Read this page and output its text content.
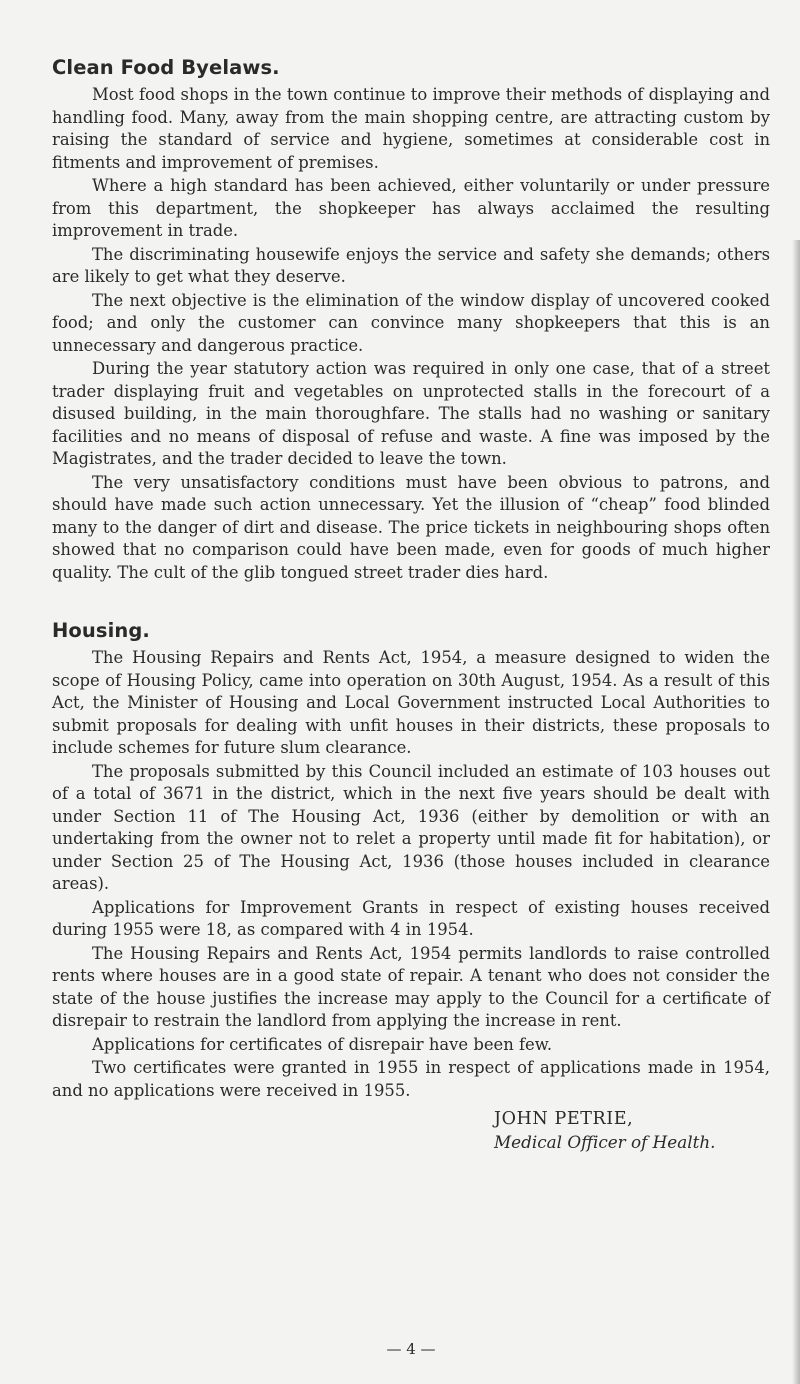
Clean Food Byelaws.

Most food shops in the town continue to improve their methods of displaying and handling food. Many, away from the main shopping centre, are attracting custom by raising the standard of service and hygiene, sometimes at considerable cost in fitments and improvement of premises.

Where a high standard has been achieved, either voluntarily or under pressure from this department, the shopkeeper has always acclaimed the resulting improvement in trade.

The discriminating housewife enjoys the service and safety she demands; others are likely to get what they deserve.

The next objective is the elimination of the window display of uncovered cooked food; and only the customer can convince many shopkeepers that this is an unnecessary and dangerous practice.

During the year statutory action was required in only one case, that of a street trader displaying fruit and vegetables on unprotected stalls in the forecourt of a disused building, in the main thoroughfare. The stalls had no washing or sanitary facilities and no means of disposal of refuse and waste. A fine was imposed by the Magistrates, and the trader decided to leave the town.

The very unsatisfactory conditions must have been obvious to patrons, and should have made such action unnecessary. Yet the illusion of “cheap” food blinded many to the danger of dirt and disease. The price tickets in neighbouring shops often showed that no comparison could have been made, even for goods of much higher quality. The cult of the glib tongued street trader dies hard.

Housing.

The Housing Repairs and Rents Act, 1954, a measure designed to widen the scope of Housing Policy, came into operation on 30th August, 1954. As a result of this Act, the Minister of Housing and Local Government instructed Local Authorities to submit proposals for dealing with unfit houses in their districts, these proposals to include schemes for future slum clearance.

The proposals submitted by this Council included an estimate of 103 houses out of a total of 3671 in the district, which in the next five years should be dealt with under Section 11 of The Housing Act, 1936 (either by demolition or with an undertaking from the owner not to relet a property until made fit for habitation), or under Section 25 of The Housing Act, 1936 (those houses included in clearance areas).

Applications for Improvement Grants in respect of existing houses received during 1955 were 18, as compared with 4 in 1954.

The Housing Repairs and Rents Act, 1954 permits landlords to raise controlled rents where houses are in a good state of repair. A tenant who does not consider the state of the house justifies the increase may apply to the Council for a certificate of disrepair to restrain the landlord from applying the increase in rent.

Applications for certificates of disrepair have been few.

Two certificates were granted in 1955 in respect of applications made in 1954, and no applications were received in 1955.

JOHN PETRIE,
Medical Officer of Health.
— 4 —
